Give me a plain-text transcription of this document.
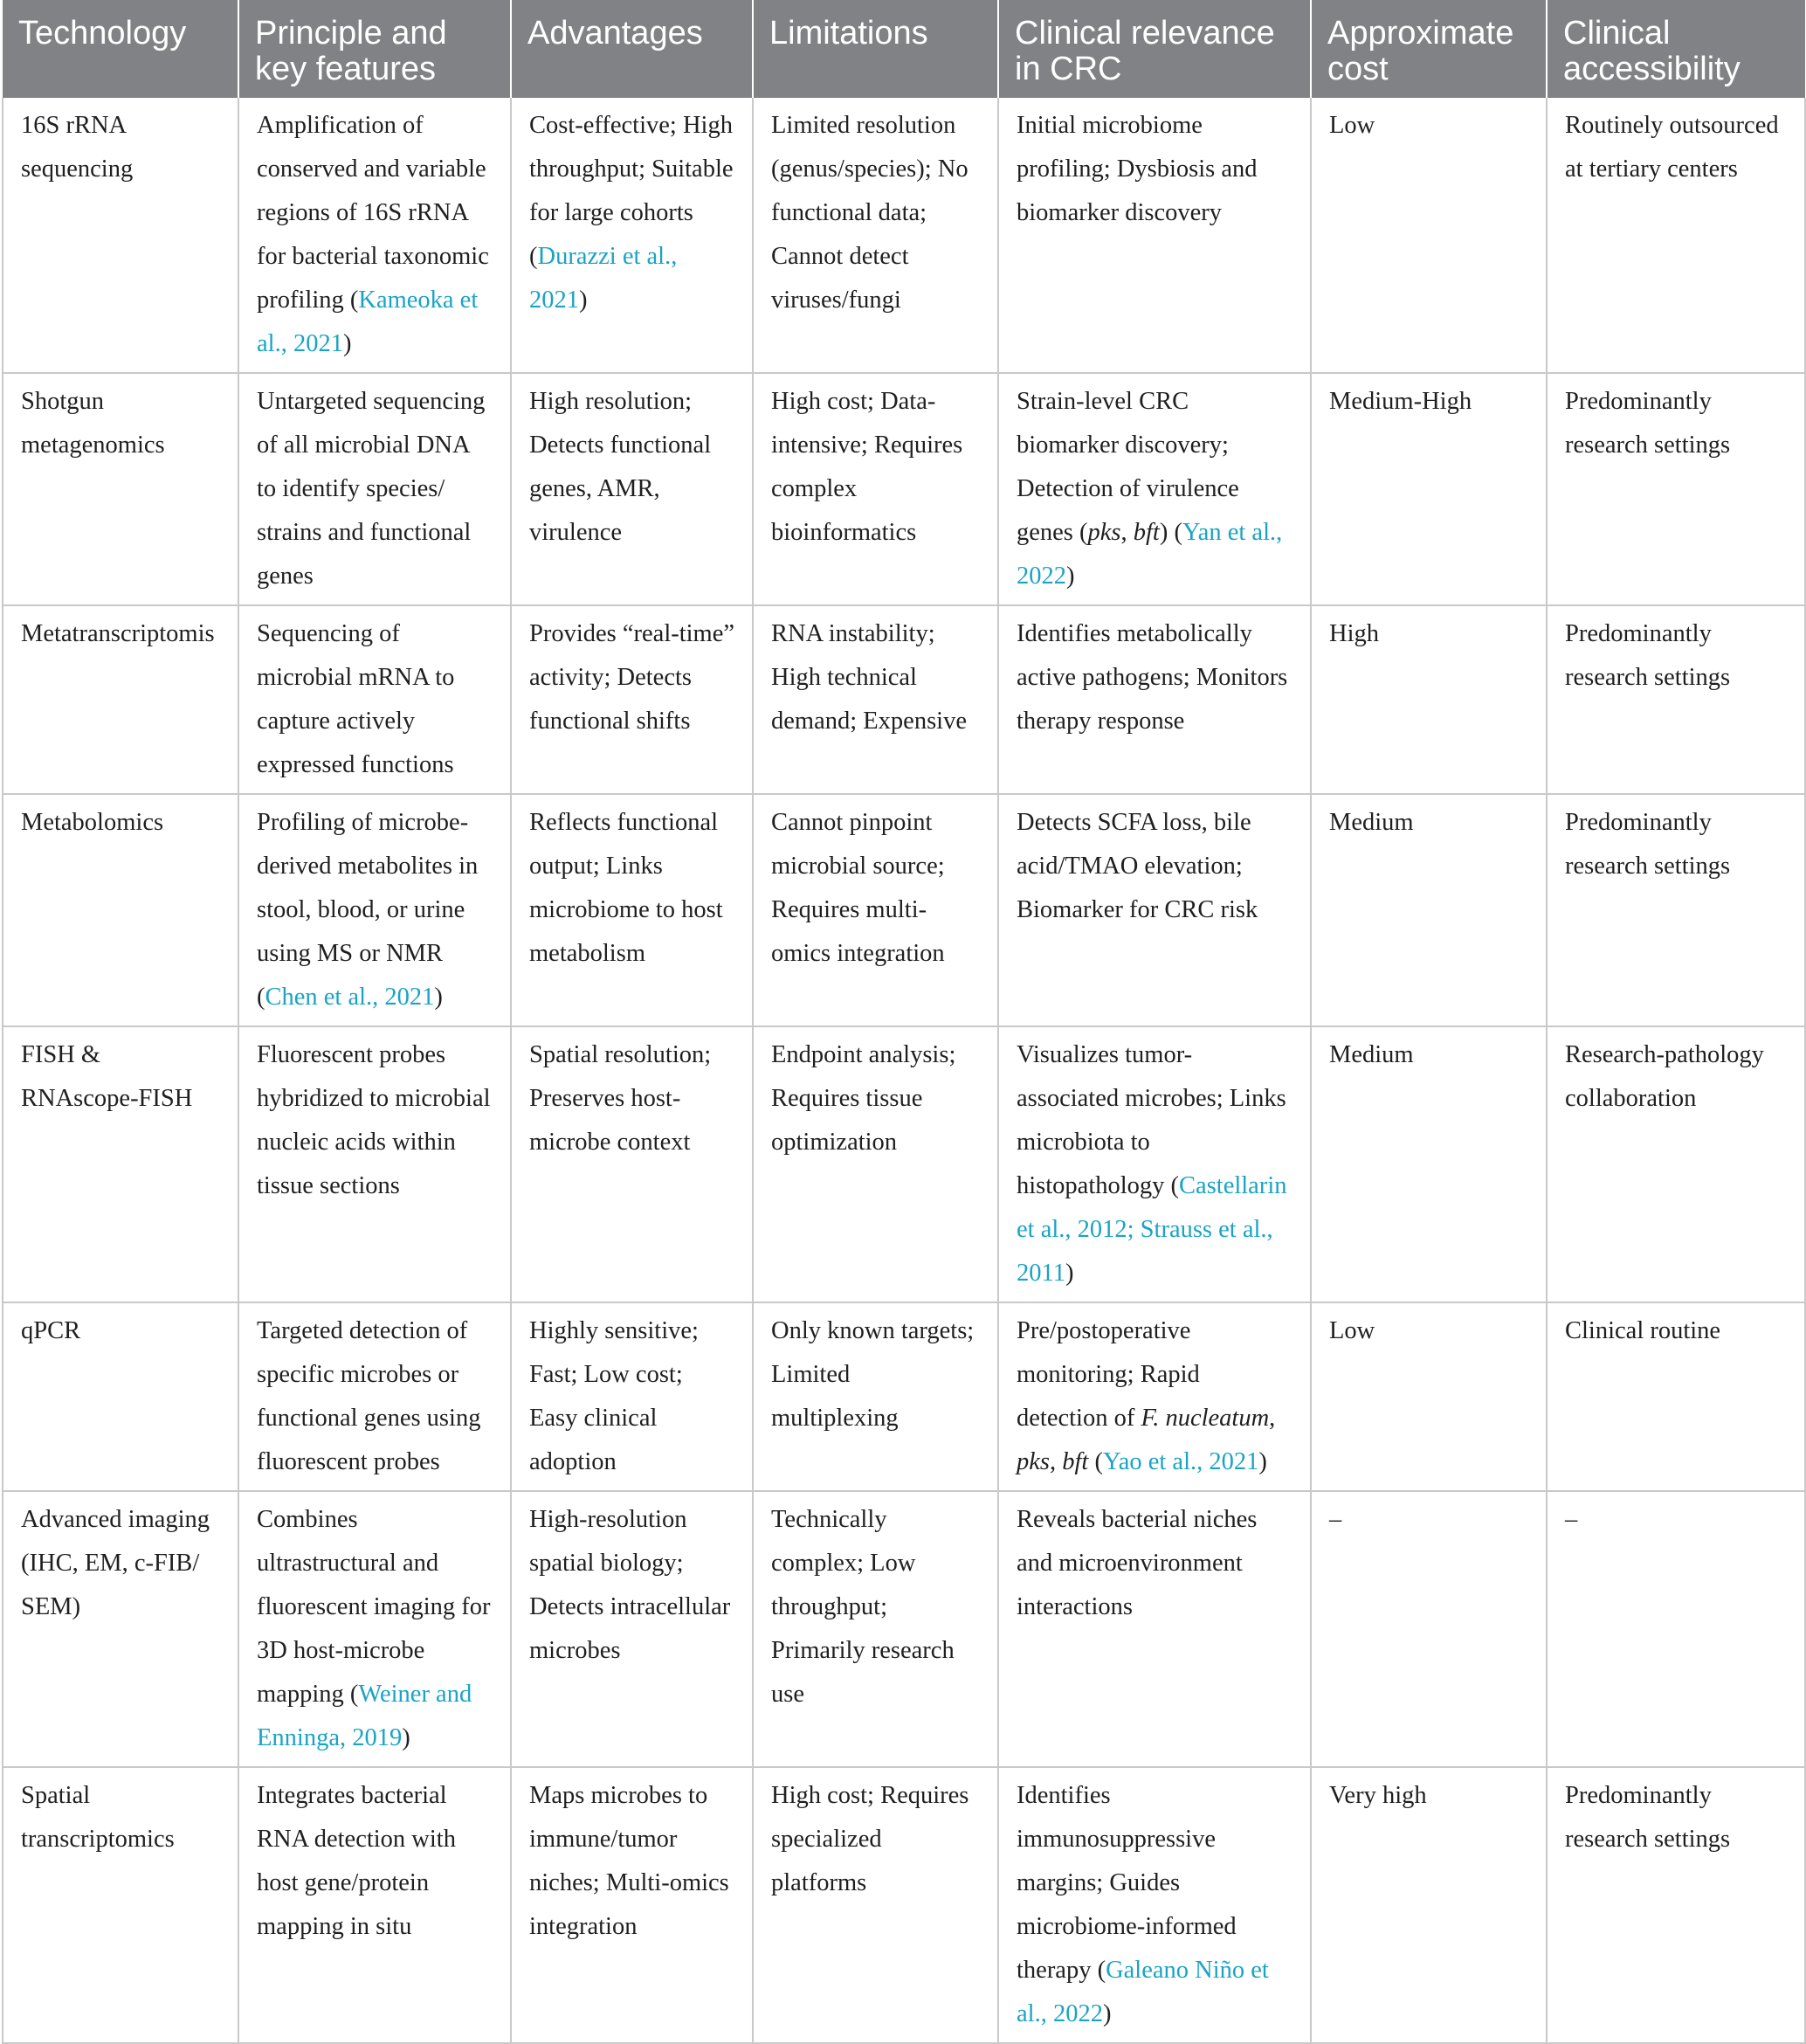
Technology	Principle and key features	Advantages	Limitations	Clinical relevance in CRC	Approximate cost	Clinical accessibility
16S rRNA sequencing	Amplification of conserved and variable regions of 16S rRNA for bacterial taxonomic profiling (Kameoka et al., 2021)	Cost-effective; High throughput; Suitable for large cohorts (Durazzi et al., 2021)	Limited resolution (genus/species); No functional data; Cannot detect viruses/fungi	Initial microbiome profiling; Dysbiosis and biomarker discovery	Low	Routinely outsourced at tertiary centers
Shotgun metagenomics	Untargeted sequencing of all microbial DNA to identify species/ strains and functional genes	High resolution; Detects functional genes, AMR, virulence	High cost; Data-intensive; Requires complex bioinformatics	Strain-level CRC biomarker discovery; Detection of virulence genes (pks, bft) (Yan et al., 2022)	Medium-High	Predominantly research settings
Metatranscriptomis	Sequencing of microbial mRNA to capture actively expressed functions	Provides “real-time” activity; Detects functional shifts	RNA instability; High technical demand; Expensive	Identifies metabolically active pathogens; Monitors therapy response	High	Predominantly research settings
Metabolomics	Profiling of microbe-derived metabolites in stool, blood, or urine using MS or NMR (Chen et al., 2021)	Reflects functional output; Links microbiome to host metabolism	Cannot pinpoint microbial source; Requires multi-omics integration	Detects SCFA loss, bile acid/TMAO elevation; Biomarker for CRC risk	Medium	Predominantly research settings
FISH & RNAscope-FISH	Fluorescent probes hybridized to microbial nucleic acids within tissue sections	Spatial resolution; Preserves host-microbe context	Endpoint analysis; Requires tissue optimization	Visualizes tumor-associated microbes; Links microbiota to histopathology (Castellarin et al., 2012; Strauss et al., 2011)	Medium	Research-pathology collaboration
qPCR	Targeted detection of specific microbes or functional genes using fluorescent probes	Highly sensitive; Fast; Low cost; Easy clinical adoption	Only known targets; Limited multiplexing	Pre/postoperative monitoring; Rapid detection of F. nucleatum, pks, bft (Yao et al., 2021)	Low	Clinical routine
Advanced imaging (IHC, EM, c-FIB/ SEM)	Combines ultrastructural and fluorescent imaging for 3D host-microbe mapping (Weiner and Enninga, 2019)	High-resolution spatial biology; Detects intracellular microbes	Technically complex; Low throughput; Primarily research use	Reveals bacterial niches and microenvironment interactions	–	–
Spatial transcriptomics	Integrates bacterial RNA detection with host gene/protein mapping in situ	Maps microbes to immune/tumor niches; Multi-omics integration	High cost; Requires specialized platforms	Identifies immunosuppressive margins; Guides microbiome-informed therapy (Galeano Niño et al., 2022)	Very high	Predominantly research settings
